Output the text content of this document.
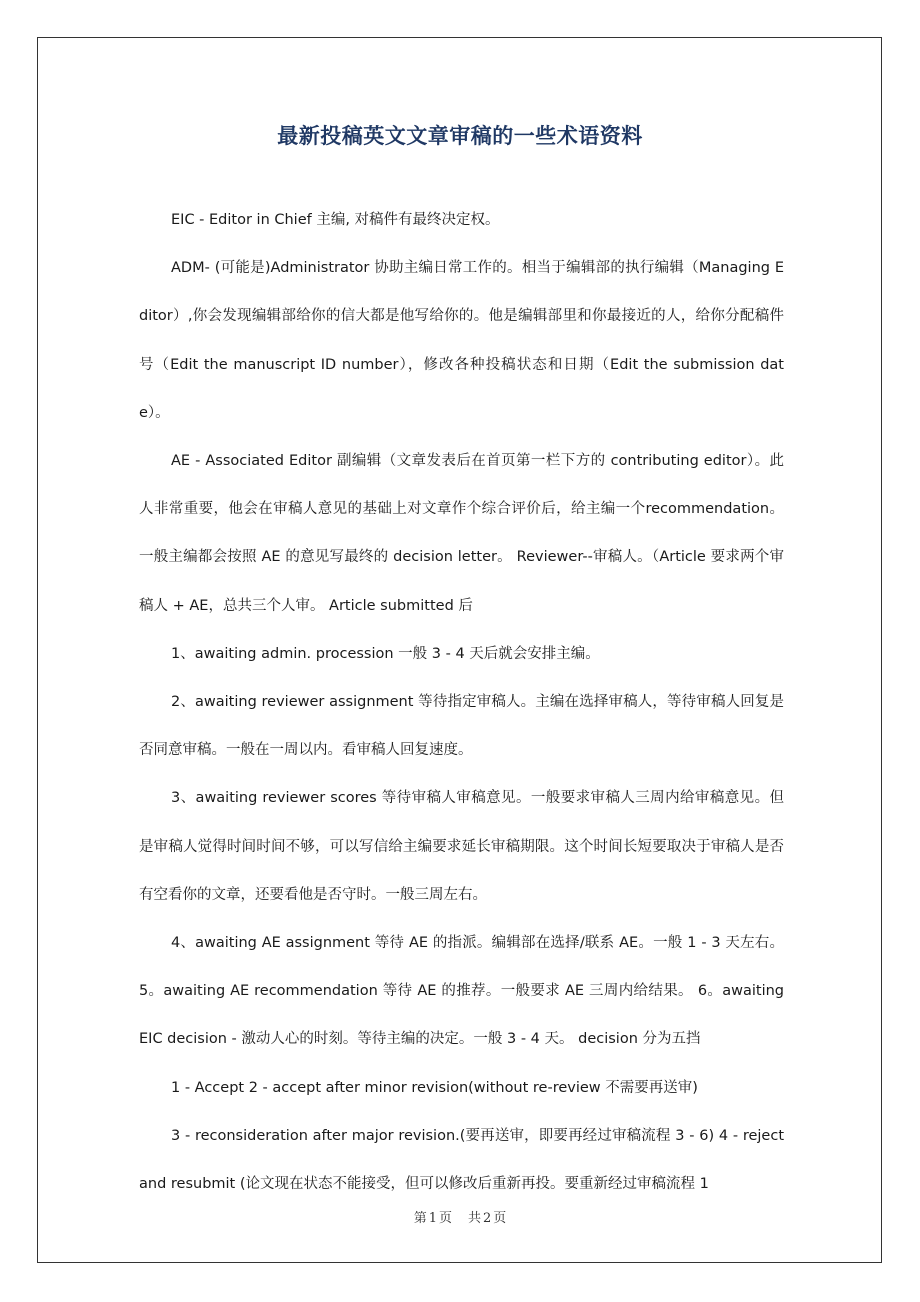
最新投稿英文文章审稿的一些术语资料

EIC - Editor in Chief 主编, 对稿件有最终决定权。

ADM- (可能是)Administrator 协助主编日常工作的。相当于编辑部的执行编辑（Managing Editor）,你会发现编辑部给你的信大都是他写给你的。他是编辑部里和你最接近的人，给你分配稿件号（Edit the manuscript ID number），修改各种投稿状态和日期（Edit the submission date）。

AE - Associated Editor 副编辑（文章发表后在首页第一栏下方的 contributing editor）。此人非常重要，他会在审稿人意见的基础上对文章作个综合评价后，给主编一个recommendation。一般主编都会按照 AE 的意见写最终的 decision letter。 Reviewer--审稿人。（Article 要求两个审稿人 + AE，总共三个人审。 Article submitted 后

1、awaiting admin. procession 一般 3 - 4 天后就会安排主编。

2、awaiting reviewer assignment 等待指定审稿人。主编在选择审稿人，等待审稿人回复是否同意审稿。一般在一周以内。看审稿人回复速度。

3、awaiting reviewer scores 等待审稿人审稿意见。一般要求审稿人三周内给审稿意见。但是审稿人觉得时间时间不够，可以写信给主编要求延长审稿期限。这个时间长短要取决于审稿人是否有空看你的文章，还要看他是否守时。一般三周左右。

4、awaiting AE assignment 等待 AE 的指派。编辑部在选择/联系 AE。一般 1 - 3 天左右。5。awaiting AE recommendation 等待 AE 的推荐。一般要求 AE 三周内给结果。 6。awaiting EIC decision - 激动人心的时刻。等待主编的决定。一般 3 - 4 天。 decision 分为五挡

1 - Accept 2 - accept after minor revision(without re-review 不需要再送审)

3 - reconsideration after major revision.(要再送审，即要再经过审稿流程 3 - 6) 4 - reject and resubmit (论文现在状态不能接受，但可以修改后重新再投。要重新经过审稿流程 1

第 1 页 共 2 页
